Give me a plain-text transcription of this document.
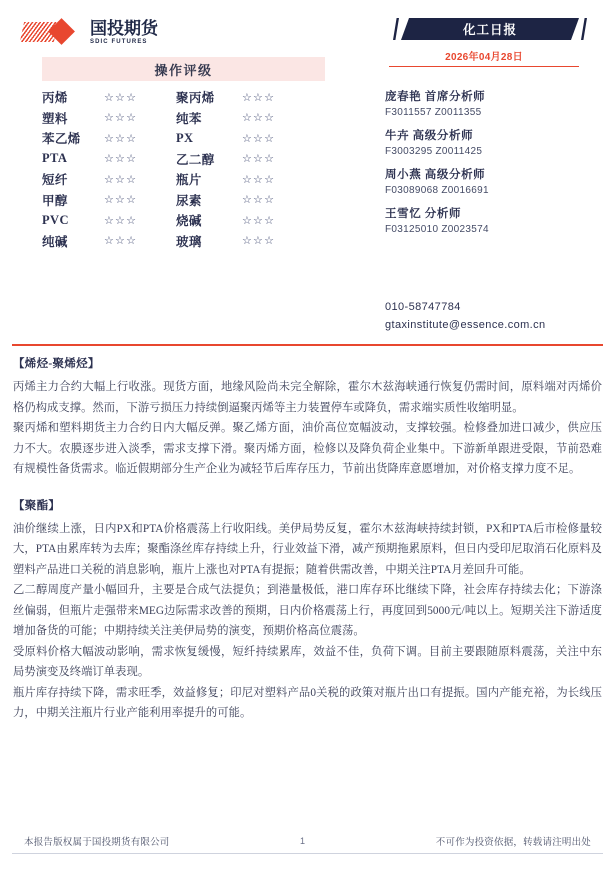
国投期货
SDIC FUTURES
化工日报
2026年04月28日
操作评级
丙烯	☆☆☆	聚丙烯	☆☆☆
塑料	☆☆☆	纯苯	☆☆☆
苯乙烯	☆☆☆	PX	☆☆☆
PTA	☆☆☆	乙二醇	☆☆☆
短纤	☆☆☆	瓶片	☆☆☆
甲醇	☆☆☆	尿素	☆☆☆
PVC	☆☆☆	烧碱	☆☆☆
纯碱	☆☆☆	玻璃	☆☆☆
庞春艳 首席分析师
F3011557 Z0011355
牛卉 高级分析师
F3003295 Z0011425
周小燕 高级分析师
F03089068 Z0016691
王雪忆 分析师
F03125010 Z0023574
010-58747784
gtaxinstitute@essence.com.cn
【烯烃-聚烯烃】

丙烯主力合约大幅上行收涨。现货方面，地缘风险尚未完全解除，霍尔木兹海峡通行恢复仍需时间，原料端对丙烯价格仍构成支撑。然而，下游亏损压力持续倒逼聚丙烯等主力装置停车或降负，需求端实质性收缩明显。

聚丙烯和塑料期货主力合约日内大幅反弹。聚乙烯方面，油价高位宽幅波动，支撑较强。检修叠加进口减少，供应压力不大。农膜逐步进入淡季，需求支撑下滑。聚丙烯方面，检修以及降负荷企业集中。下游新单跟进受限，节前恐难有规模性备货需求。临近假期部分生产企业为减轻节后库存压力，节前出货降库意愿增加，对价格支撑力度不足。

【聚酯】

油价继续上涨，日内PX和PTA价格震荡上行收阳线。美伊局势反复，霍尔木兹海峡持续封锁，PX和PTA后市检修量较大，PTA由累库转为去库；聚酯涤丝库存持续上升，行业效益下滑，减产预期拖累原料，但日内受印尼取消石化原料及塑料产品进口关税的消息影响，瓶片上涨也对PTA有提振；随着供需改善，中期关注PTA月差回升可能。

乙二醇周度产量小幅回升，主要是合成气法提负；到港量极低，港口库存环比继续下降，社会库存持续去化；下游涤丝偏弱，但瓶片走强带来MEG边际需求改善的预期，日内价格震荡上行，再度回到5000元/吨以上。短期关注下游适度增加备货的可能；中期持续关注美伊局势的演变，预期价格高位震荡。

受原料价格大幅波动影响，需求恢复缓慢，短纤持续累库，效益不佳，负荷下调。目前主要跟随原料震荡，关注中东局势演变及终端订单表现。

瓶片库存持续下降，需求旺季，效益修复；印尼对塑料产品0关税的政策对瓶片出口有提振。国内产能充裕，为长线压力，中期关注瓶片行业产能利用率提升的可能。

本报告版权属于国投期货有限公司	1	不可作为投资依据，转载请注明出处
